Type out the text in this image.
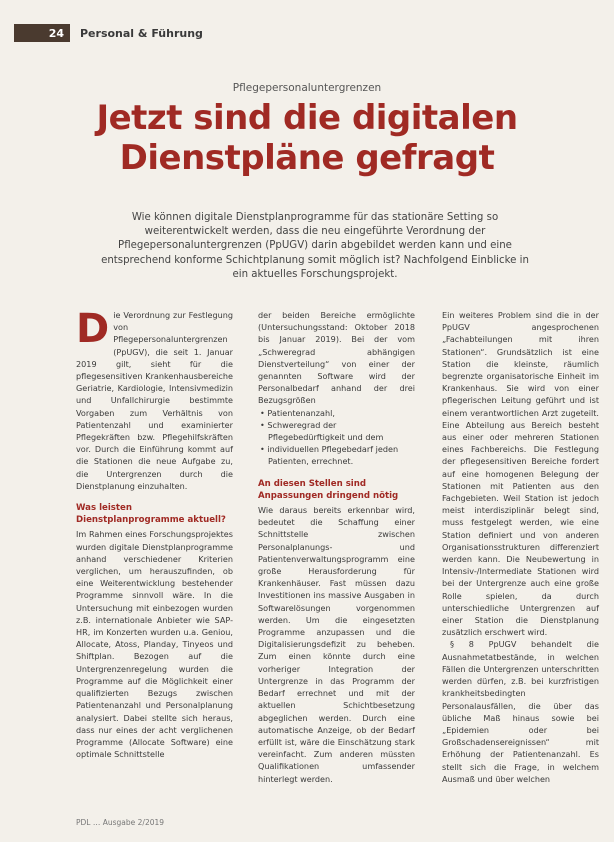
24	Personal & Führung
Pflegepersonaluntergrenzen
Jetzt sind die digitalen Dienstpläne gefragt

Wie können digitale Dienstplanprogramme für das stationäre Setting so weiterentwickelt werden, dass die neu eingeführte Verordnung der Pflegepersonaluntergrenzen (PpUGV) darin abgebildet werden kann und eine entsprechend konforme Schichtplanung somit möglich ist? Nachfolgend Einblicke in ein aktuelles Forschungsprojekt.

Die Verordnung zur Festlegung von Pflegepersonaluntergrenzen (PpUGV), die seit 1. Januar 2019 gilt, sieht für die pflegesensitiven Krankenhausbereiche Geriatrie, Kardiologie, Intensivmedizin und Unfallchirurgie bestimmte Vorgaben zum Verhältnis von Patientenzahl und examinierter Pflegekräften bzw. Pflegehilfskräften vor. Durch die Einführung kommt auf die Stationen die neue Aufgabe zu, die Untergrenzen durch die Dienstplanung einzuhalten.

Was leisten Dienstplanprogramme aktuell?

Im Rahmen eines Forschungsprojektes wurden digitale Dienstplanprogramme anhand verschiedener Kriterien verglichen, um herauszufinden, ob eine Weiterentwicklung bestehender Programme sinnvoll wäre. In die Untersuchung mit einbezogen wurden z.B. internationale Anbieter wie SAP-HR, im Konzerten wurden u.a. Geniou, Allocate, Atoss, Planday, Tinyeos und Shiftplan. Bezogen auf die Untergrenzenregelung wurden die Programme auf die Möglichkeit einer qualifizierten Bezugs zwischen Patientenanzahl und Personalplanung analysiert. Dabei stellte sich heraus, dass nur eines der acht verglichenen Programme (Allocate Software) eine optimale Schnittstelle

der beiden Bereiche ermöglichte (Untersuchungsstand: Oktober 2018 bis Januar 2019). Bei der vom „Schweregrad abhängigen Dienstverteilung“ von einer der genannten Software wird der Personalbedarf anhand der drei Bezugsgrößen

• Patientenanzahl,
• Schweregrad der Pflegebedürftigkeit und dem
• individuellen Pflegebedarf jeden Patienten, errechnet.
An diesen Stellen sind Anpassungen dringend nötig

Wie daraus bereits erkennbar wird, bedeutet die Schaffung einer Schnittstelle zwischen Personalplanungs- und Patientenverwaltungsprogramm eine große Herausforderung für Krankenhäuser. Fast müssen dazu Investitionen ins massive Ausgaben in Softwarelösungen vorgenommen werden. Um die eingesetzten Programme anzupassen und die Digitalisierungsdefizit zu beheben. Zum einen könnte durch eine vorheriger Integration der Untergrenze in das Programm der Bedarf errechnet und mit der aktuellen Schichtbesetzung abgeglichen werden. Durch eine automatische Anzeige, ob der Bedarf erfüllt ist, wäre die Einschätzung stark vereinfacht. Zum anderen müssten Qualifikationen umfassender hinterlegt werden.

Ein weiteres Problem sind die in der PpUGV angesprochenen „Fachabteilungen mit ihren Stationen“. Grundsätzlich ist eine Station die kleinste, räumlich begrenzte organisatorische Einheit im Krankenhaus. Sie wird von einer pflegerischen Leitung geführt und ist einem verantwortlichen Arzt zugeteilt. Eine Abteilung aus Bereich besteht aus einer oder mehreren Stationen eines Fachbereichs. Die Festlegung der pflegesensitiven Bereiche fordert auf eine homogenen Belegung der Stationen mit Patienten aus den Fachgebieten. Weil Station ist jedoch meist interdisziplinär belegt sind, muss festgelegt werden, wie eine Station definiert und von anderen Organisationsstrukturen differenziert werden kann. Die Neubewertung in Intensiv-/Intermediate Stationen wird bei der Untergrenze auch eine große Rolle spielen, da durch unterschiedliche Untergrenzen auf einer Station die Dienstplanung zusätzlich erschwert wird.

§ 8 PpUGV behandelt die Ausnahmetatbestände, in welchen Fällen die Untergrenzen unterschritten werden dürfen, z.B. bei kurzfristigen krankheitsbedingten Personalausfällen, die über das übliche Maß hinaus sowie bei „Epidemien oder bei Großschadensereignissen“ mit Erhöhung der Patientenanzahl. Es stellt sich die Frage, in welchem Ausmaß und über welchen

PDL … Ausgabe 2/2019
